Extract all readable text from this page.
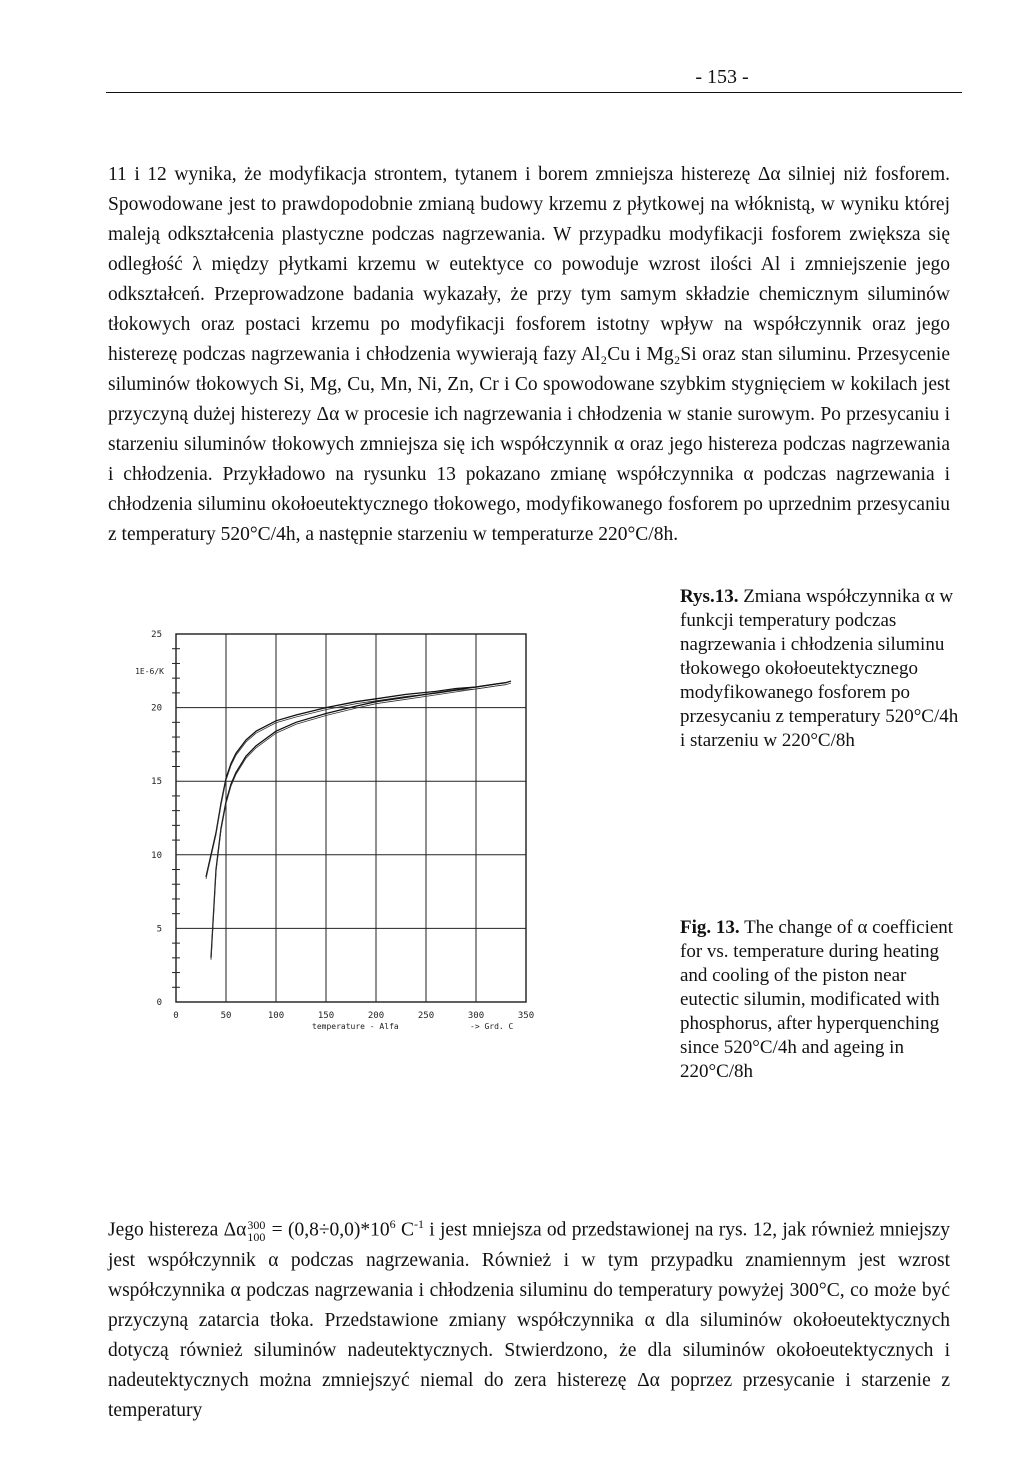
- 153 -

11 i 12 wynika, że modyfikacja strontem, tytanem i borem zmniejsza histerezę Δα silniej niż fosforem. Spowodowane jest to prawdopodobnie zmianą budowy krzemu z płytkowej na włóknistą, w wyniku której maleją odkształcenia plastyczne podczas nagrzewania. W przypadku modyfikacji fosforem zwiększa się odległość λ między płytkami krzemu w eutektyce co powoduje wzrost ilości Al i zmniejszenie jego odkształceń. Przeprowadzone badania wykazały, że przy tym samym składzie chemicznym siluminów tłokowych oraz postaci krzemu po modyfikacji fosforem istotny wpływ na współczynnik oraz jego histerezę podczas nagrzewania i chłodzenia wywierają fazy Al₂Cu i Mg₂Si oraz stan siluminu. Przesycenie siluminów tłokowych Si, Mg, Cu, Mn, Ni, Zn, Cr i Co spowodowane szybkim stygnięciem w kokilach jest przyczyną dużej histerezy Δα w procesie ich nagrzewania i chłodzenia w stanie surowym. Po przesycaniu i starzeniu siluminów tłokowych zmniejsza się ich współczynnik α oraz jego histereza podczas nagrzewania i chłodzenia. Przykładowo na rysunku 13 pokazano zmianę współczynnika α podczas nagrzewania i chłodzenia siluminu okołoeutektycznego tłokowego, modyfikowanego fosforem po uprzednim przesycaniu z temperatury 520°C/4h, a następnie starzeniu w temperaturze 220°C/8h.

0	50	100	150	200	250	300	350
0
5
10
15
20
25
1E-6/K
temperature - Alfa	-> Grd. C

Rys.13. Zmiana współczynnika α w funkcji temperatury podczas nagrzewania i chłodzenia siluminu tłokowego okołoeutektycznego modyfikowanego fosforem po przesycaniu z temperatury 520°C/4h i starzeniu w 220°C/8h

Fig. 13. The change of α coefficient for vs. temperature during heating and cooling of the piston near eutectic silumin, modificated with phosphorus, after hyperquenching since 520°C/4h and ageing in 220°C/8h

Jego histereza Δα 300
$100 = (0,8\div 0,0)*10^6$ $C^{-1}$ i jest mniejsza od przedstawionej na rys. 12, jak również mniejszy jest współczynnik α podczas nagrzewania. Również i w tym przypadku znamiennym jest wzrost współczynnika α podczas nagrzewania i chłodzenia siluminu do temperatury powyżej 300°C, co może być przyczyną zatarcia tłoka. Przedstawione zmiany współczynnika α dla siluminów okołoeutektycznych dotyczą również siluminów nadeutektycznych. Stwierdzono, że dla siluminów okołoeutektycznych i nadeutektycznych można zmniejszyć niemal do zera histerezę Δα poprzez przesycanie i starzenie z temperatury
